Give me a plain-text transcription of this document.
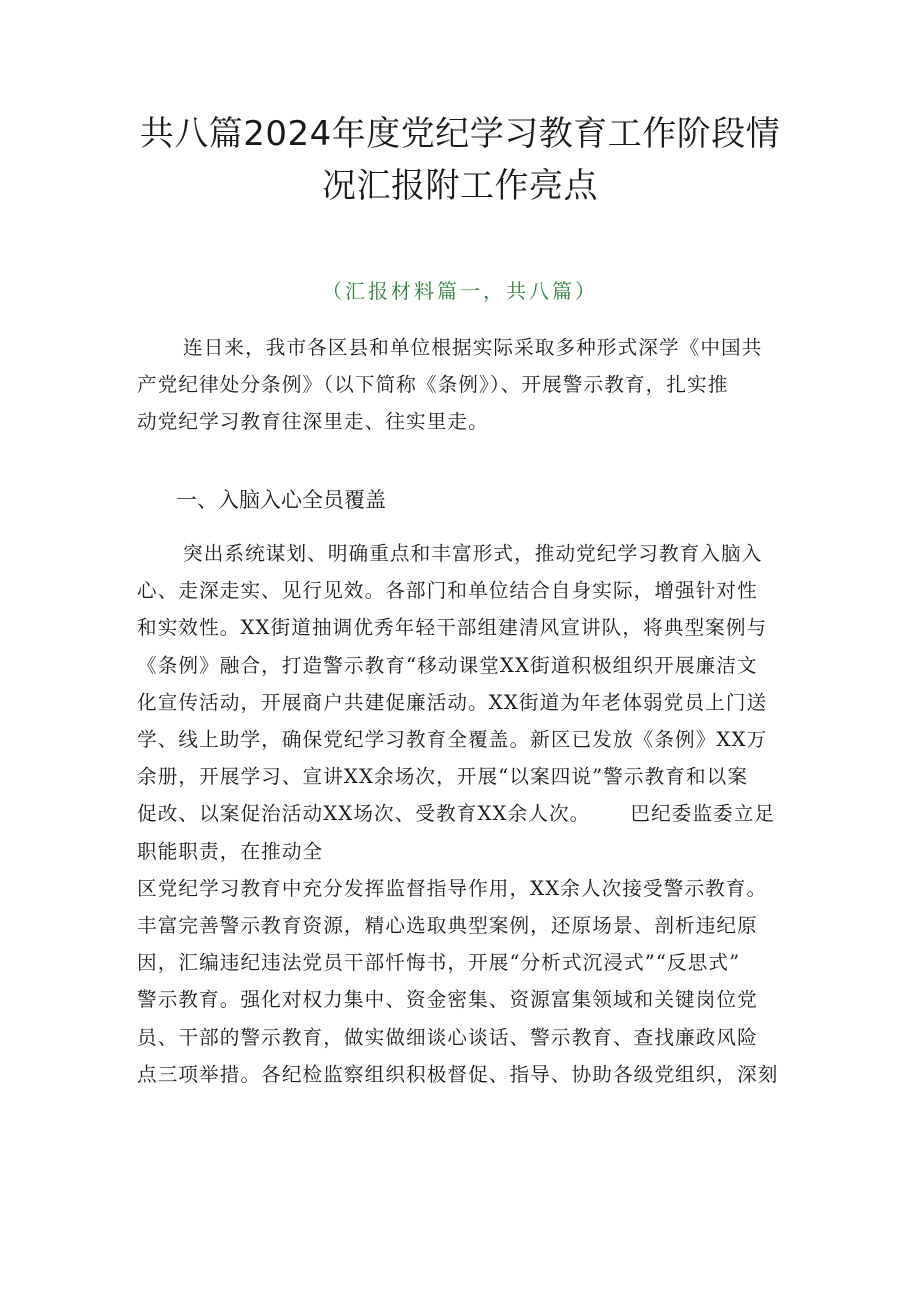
共八篇2024年度党纪学习教育工作阶段情
况汇报附工作亮点
（汇报材料篇一，共八篇）
连日来，我市各区县和单位根据实际采取多种形式深学《中国共
产党纪律处分条例》（以下简称《条例》）、开展警示教育，扎实推
动党纪学习教育往深里走、往实里走。
一、入脑入心全员覆盖
突出系统谋划、明确重点和丰富形式，推动党纪学习教育入脑入
心、走深走实、见行见效。各部门和单位结合自身实际，增强针对性
和实效性。XX街道抽调优秀年轻干部组建清风宣讲队，将典型案例与
《条例》融合，打造警示教育“移动课堂XX街道积极组织开展廉洁文
化宣传活动，开展商户共建促廉活动。XX街道为年老体弱党员上门送
学、线上助学，确保党纪学习教育全覆盖。新区已发放《条例》XX万
余册，开展学习、宣讲XX余场次，开展“以案四说”警示教育和以案
促改、以案促治活动XX场次、受教育XX余人次。 巴纪委监委立足
职能职责，在推动全
区党纪学习教育中充分发挥监督指导作用，XX余人次接受警示教育。
丰富完善警示教育资源，精心选取典型案例，还原场景、剖析违纪原
因，汇编违纪违法党员干部忏悔书，开展“分析式沉浸式”“反思式”
警示教育。强化对权力集中、资金密集、资源富集领域和关键岗位党
员、干部的警示教育，做实做细谈心谈话、警示教育、查找廉政风险
点三项举措。各纪检监察组织积极督促、指导、协助各级党组织，深刻
